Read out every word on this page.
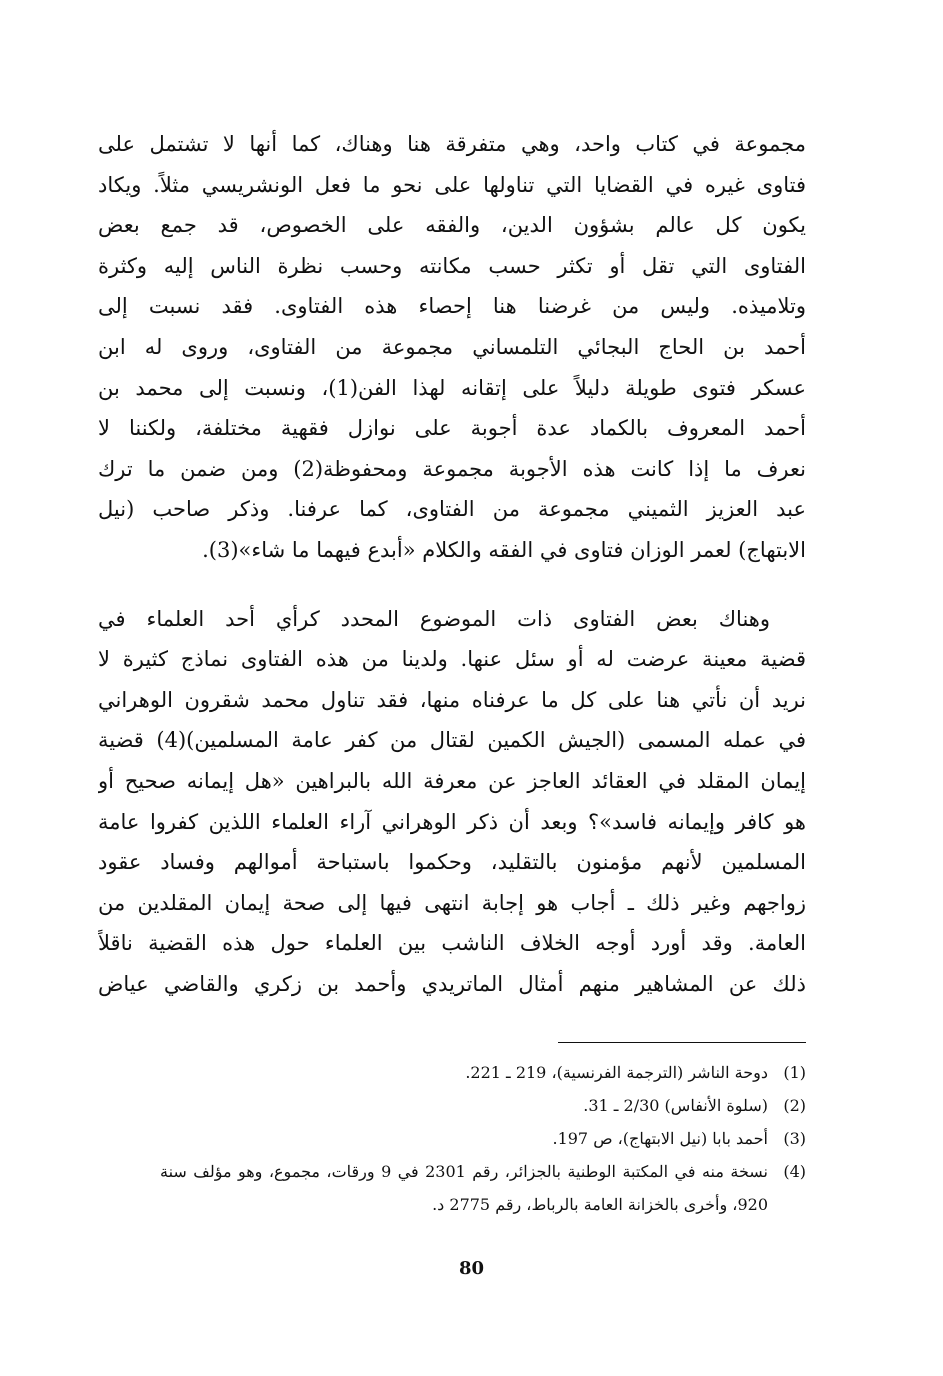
مجموعة في كتاب واحد، وهي متفرقة هنا وهناك، كما أنها لا تشتمل على
فتاوى غيره في القضايا التي تناولها على نحو ما فعل الونشريسي مثلاً. ويكاد
يكون كل عالم بشؤون الدين، والفقه على الخصوص، قد جمع بعض
الفتاوى التي تقل أو تكثر حسب مكانته وحسب نظرة الناس إليه وكثرة
وتلاميذه. وليس من غرضنا هنا إحصاء هذه الفتاوى. فقد نسبت إلى
أحمد بن الحاج البجائي التلمساني مجموعة من الفتاوى، وروى له ابن
عسكر فتوى طويلة دليلاً على إتقانه لهذا الفن(1)، ونسبت إلى محمد بن
أحمد المعروف بالكماد عدة أجوبة على نوازل فقهية مختلفة، ولكننا لا
نعرف ما إذا كانت هذه الأجوبة مجموعة ومحفوظة(2) ومن ضمن ما ترك
عبد العزيز الثميني مجموعة من الفتاوى، كما عرفنا. وذكر صاحب (نيل
الابتهاج) لعمر الوزان فتاوى في الفقه والكلام «أبدع فيهما ما شاء»(3).

وهناك بعض الفتاوى ذات الموضوع المحدد كرأي أحد العلماء في
قضية معينة عرضت له أو سئل عنها. ولدينا من هذه الفتاوى نماذج كثيرة لا
نريد أن نأتي هنا على كل ما عرفناه منها، فقد تناول محمد شقرون الوهراني
في عمله المسمى (الجيش الكمين لقتال من كفر عامة المسلمين)(4) قضية
إيمان المقلد في العقائد العاجز عن معرفة الله بالبراهين «هل إيمانه صحيح أو
هو كافر وإيمانه فاسد»؟ وبعد أن ذكر الوهراني آراء العلماء اللذين كفروا عامة
المسلمين لأنهم مؤمنون بالتقليد، وحكموا باستباحة أموالهم وفساد عقود
زواجهم وغير ذلك ـ أجاب هو إجابة انتهى فيها إلى صحة إيمان المقلدين من
العامة. وقد أورد أوجه الخلاف الناشب بين العلماء حول هذه القضية ناقلاً
ذلك عن المشاهير منهم أمثال الماتريدي وأحمد بن زكري والقاضي عياض

(1)
دوحة الناشر (الترجمة الفرنسية)، 219 ـ 221.
(2)
(سلوة الأنفاس) 2/30 ـ 31.
(3)
أحمد بابا (نيل الابتهاج)، ص 197.
(4)
نسخة منه في المكتبة الوطنية بالجزائر، رقم 2301 في 9 ورقات، مجموع، وهو مؤلف سنة 920، وأخرى بالخزانة العامة بالرباط، رقم 2775 د.
80
